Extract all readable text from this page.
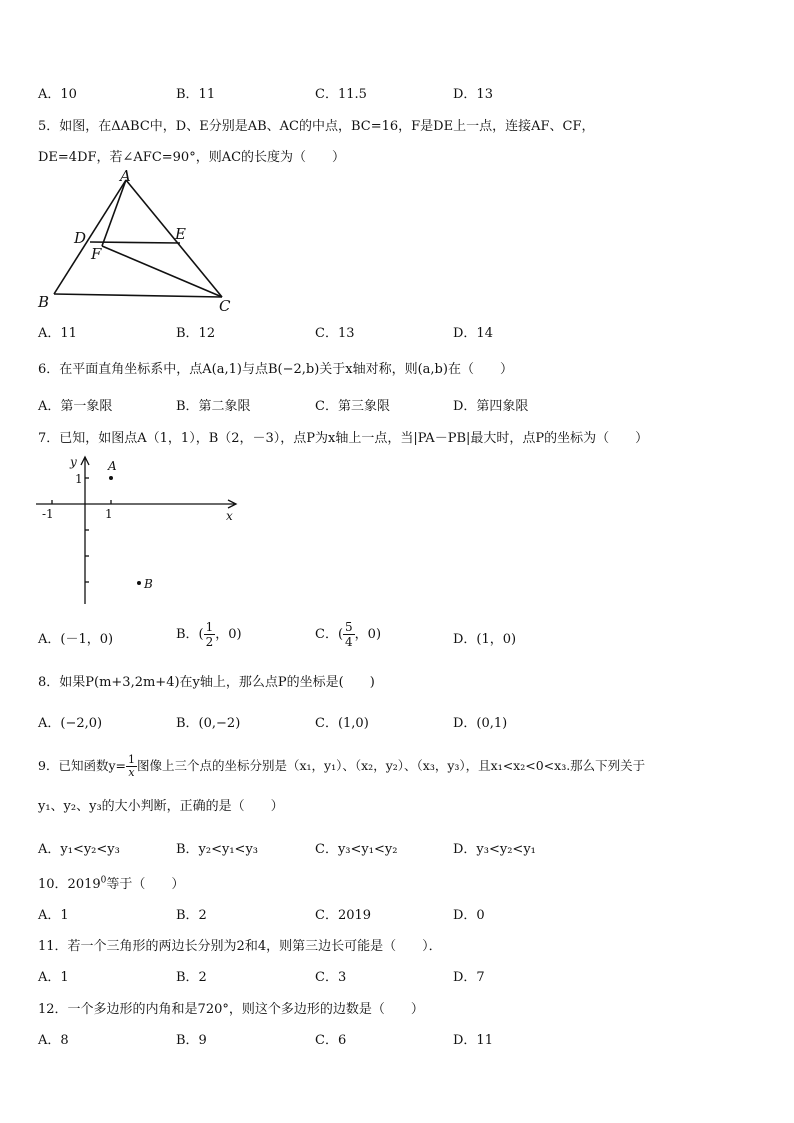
A．10	B．11	C．11.5	D．13
5．如图，在ΔABC中，D、E分别是AB、AC的中点，BC=16，F是DE上一点，连接AF、CF，
DE=4DF，若∠AFC=90°，则AC的长度为（　　）
A
D	E
F
B	C
A．11	B．12	C．13	D．14
6．在平面直角坐标系中，点A(a,1)与点B(−2,b)关于x轴对称，则(a,b)在（　　）
A．第一象限	B．第二象限	C．第三象限	D．第四象限
7．已知，如图点A（1，1），B（2，－3），点P为x轴上一点，当|PA－PB|最大时，点P的坐标为（　　）
y	A
1
-1	1	x
B
A．(－1，0)	B．( $\frac{1}{2}$ ，0)	C．( $\frac{5}{4}$ ，0)	D．(1，0)
8．如果P(m+3,2m+4)在y轴上，那么点P的坐标是(　　)
A．(−2,0)	B．(0,−2)	C．(1,0)	D．(0,1)
9．已知函数$y= \frac{1}{x}$ 图像上三个点的坐标分别是（x₁，y₁）、（x₂，y₂）、（x₃，y₃），且x₁<x₂<0<x₃.那么下列关于
y₁、y₂、y₃的大小判断，正确的是（　　）
A．y₁<y₂<y₃	B．y₂<y₁<y₃	C．y₃<y₁<y₂	D．y₃<y₂<y₁
10．2019$^0$等于（　　）
A．1	B．2	C．2019	D．0
11．若一个三角形的两边长分别为2和4，则第三边长可能是（　　）．
A．1	B．2	C．3	D．7
12．一个多边形的内角和是720°，则这个多边形的边数是（　　）
A．8	B．9	C．6	D．11
